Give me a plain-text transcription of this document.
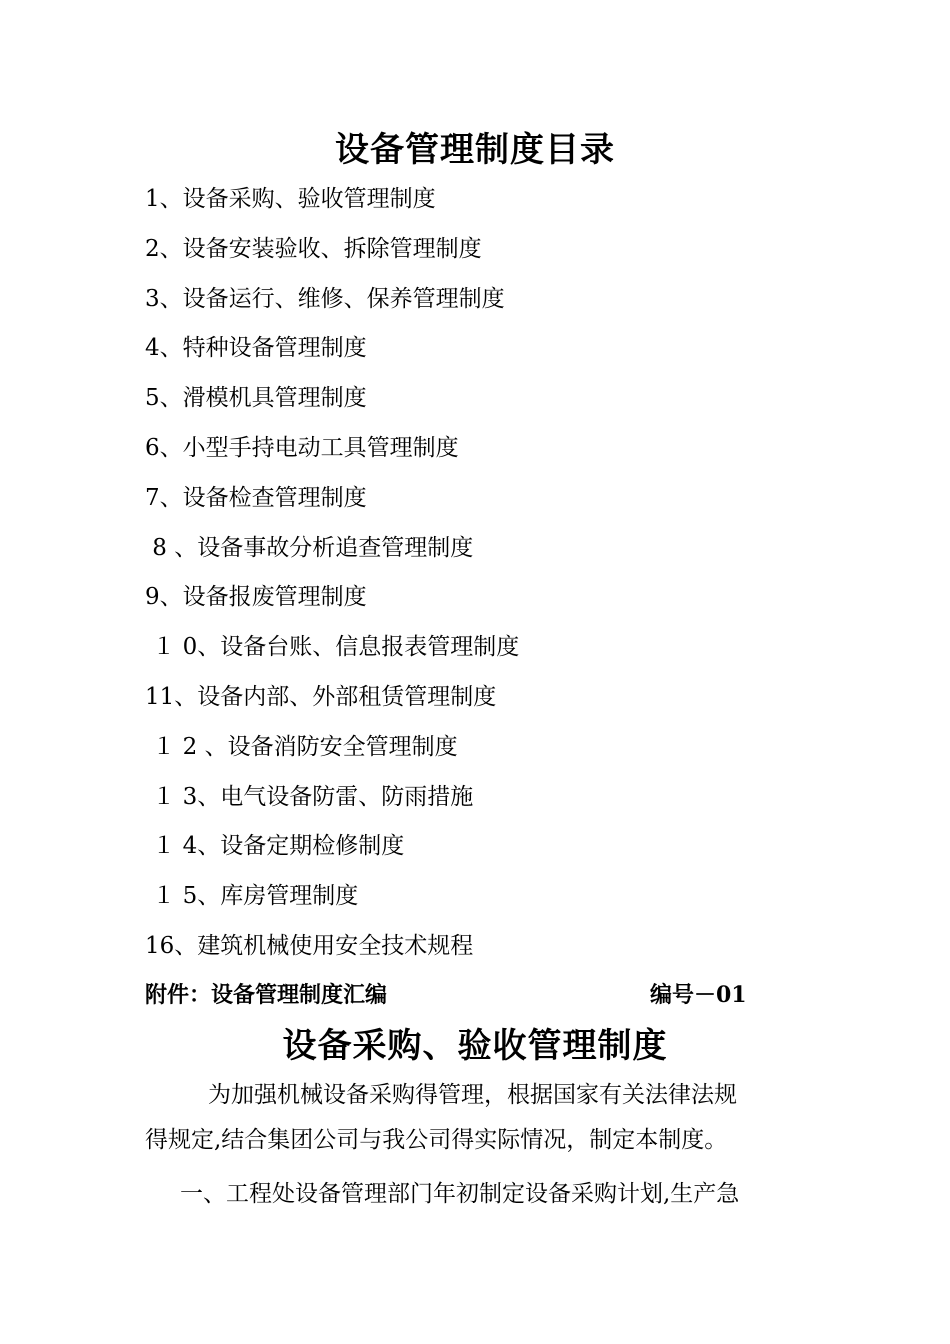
设备管理制度目录
1、设备采购、验收管理制度
2、设备安装验收、拆除管理制度
3、设备运行、维修、保养管理制度
4、特种设备管理制度
5、滑模机具管理制度
6、小型手持电动工具管理制度
7、设备检查管理制度
8 、设备事故分析追查管理制度
9、设备报废管理制度
１ 0、设备台账、信息报表管理制度
11、设备内部、外部租赁管理制度
１ 2 、设备消防安全管理制度
１ 3、电气设备防雷、防雨措施
１ 4、设备定期检修制度
１ 5、库房管理制度
16、建筑机械使用安全技术规程
附件：设备管理制度汇编	编号－01
设备采购、验收管理制度
为加强机械设备采购得管理，根据国家有关法律法规
得规定,结合集团公司与我公司得实际情况，制定本制度。
一、工程处设备管理部门年初制定设备采购计划,生产急
